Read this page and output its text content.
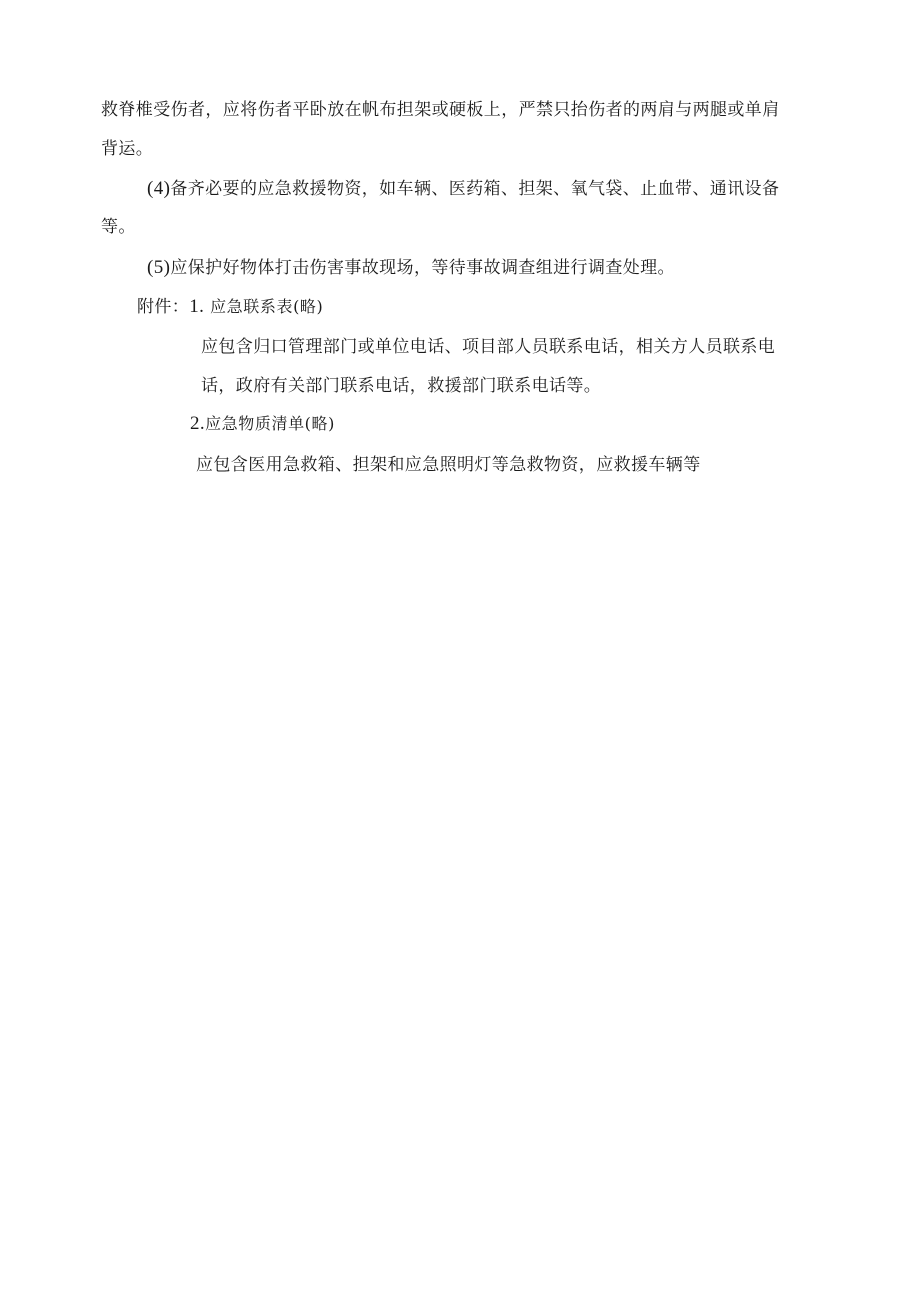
救脊椎受伤者，应将伤者平卧放在帆布担架或硬板上，严禁只抬伤者的两肩与两腿或单肩
背运。
(4)备齐必要的应急救援物资，如车辆、医药箱、担架、氧气袋、止血带、通讯设备
等。
(5)应保护好物体打击伤害事故现场，等待事故调查组进行调查处理。
附件：1. 应急联系表(略)
应包含归口管理部门或单位电话、项目部人员联系电话，相关方人员联系电
话，政府有关部门联系电话，救援部门联系电话等。
2.应急物质清单(略)
应包含医用急救箱、担架和应急照明灯等急救物资，应救援车辆等
